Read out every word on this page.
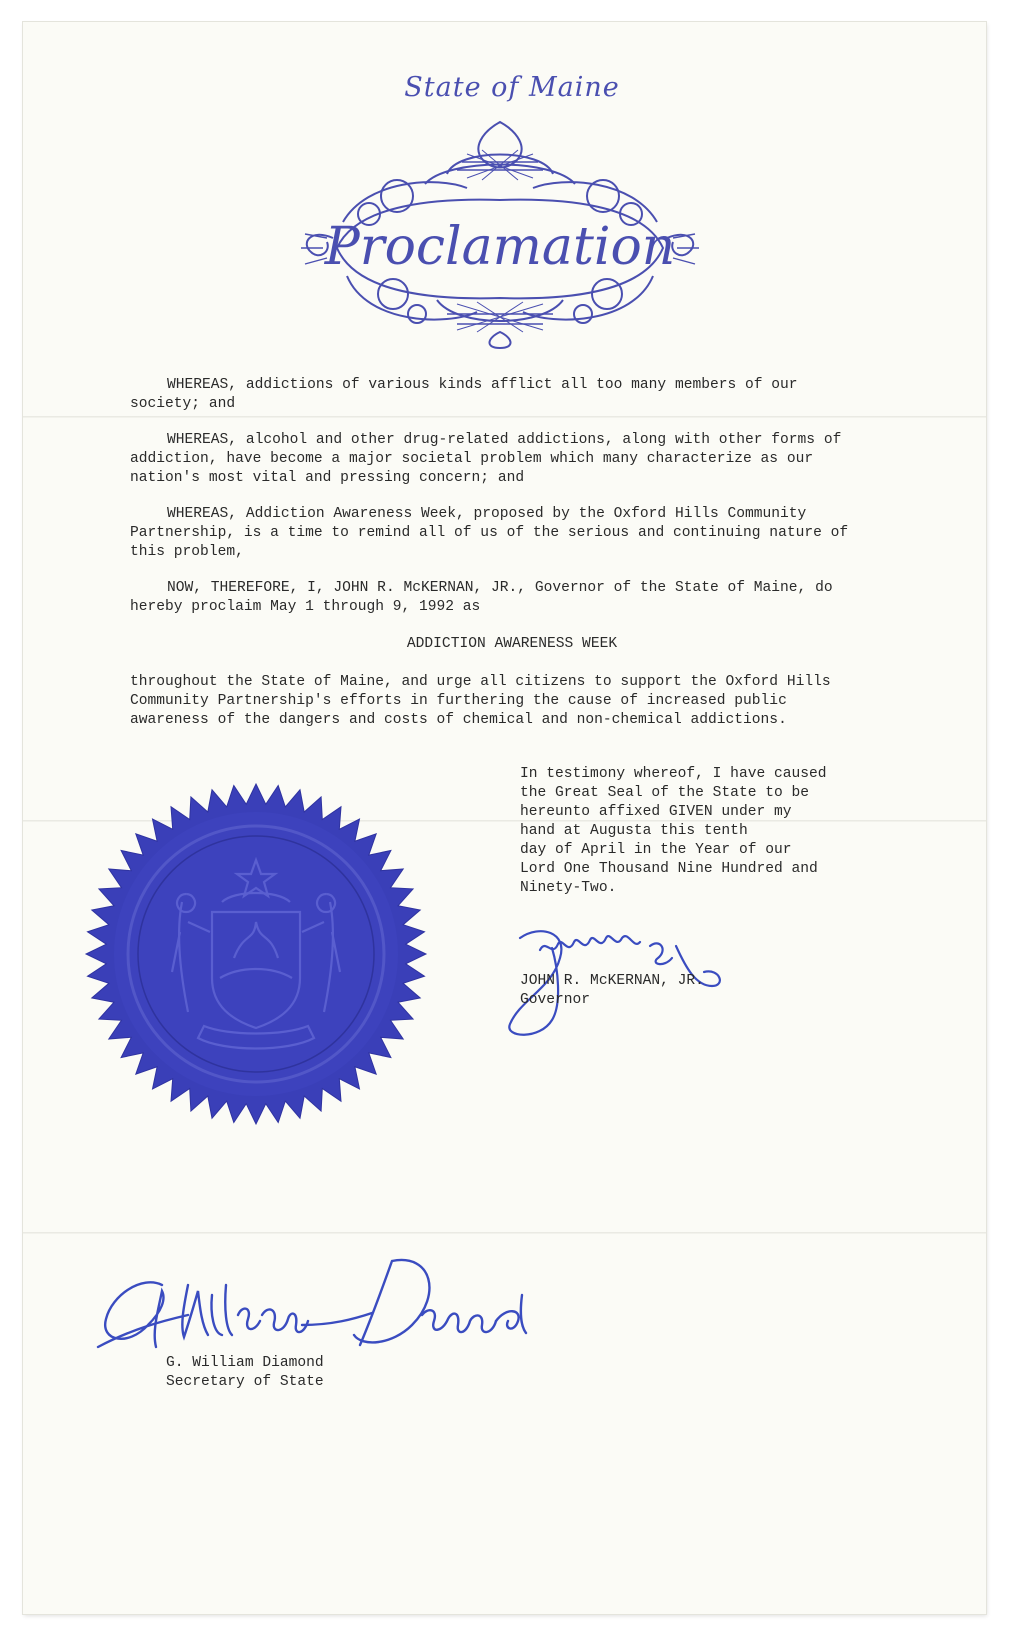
State of Maine
Proclamation

WHEREAS, addictions of various kinds afflict all too many members of our society; and

WHEREAS, alcohol and other drug-related addictions, along with other forms of addiction, have become a major societal problem which many characterize as our nation's most vital and pressing concern; and

WHEREAS, Addiction Awareness Week, proposed by the Oxford Hills Community Partnership, is a time to remind all of us of the serious and continuing nature of this problem,

NOW, THEREFORE, I, JOHN R. McKERNAN, JR., Governor of the State of Maine, do hereby proclaim May 1 through 9, 1992 as

ADDICTION AWARENESS WEEK
throughout the State of Maine, and urge all citizens to support the Oxford Hills Community Partnership's efforts in furthering the cause of increased public awareness of the dangers and costs of chemical and non-chemical addictions.
In testimony whereof, I have caused
the Great Seal of the State to be
hereunto affixed GIVEN under my
hand at Augusta this tenth
day of April in the Year of our
Lord One Thousand Nine Hundred and
Ninety-Two.
JOHN R. McKERNAN, JR.
Governor
G. William Diamond
Secretary of State
